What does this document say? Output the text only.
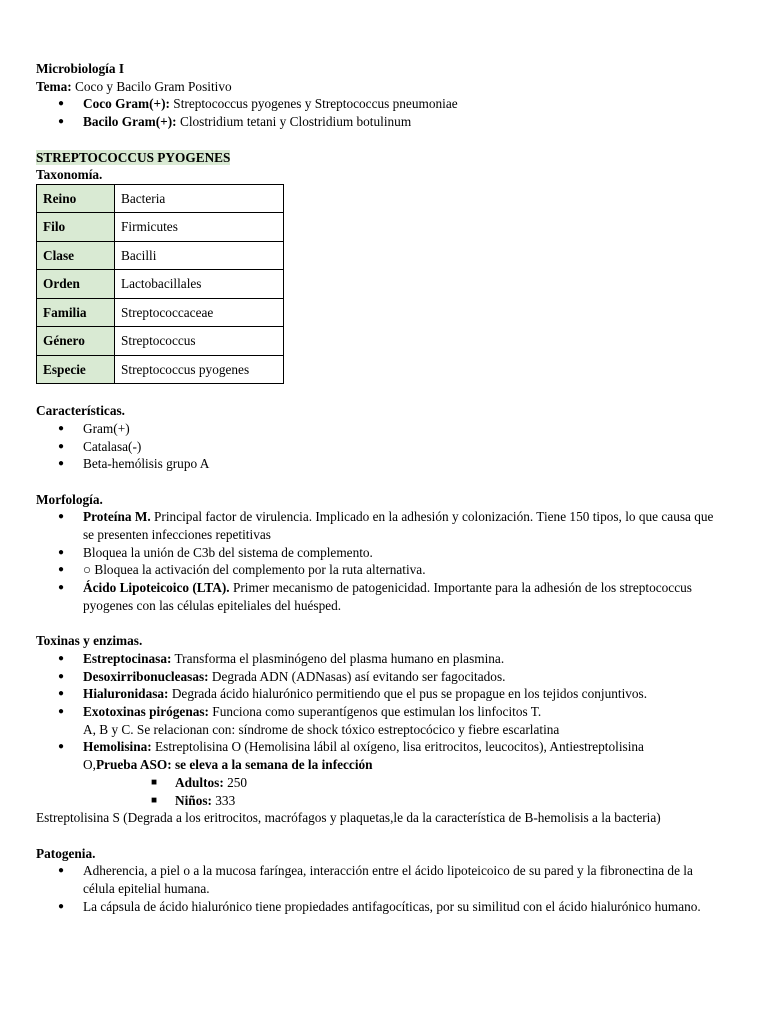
Microbiología I
Tema: Coco y Bacilo Gram Positivo
● Coco Gram(+): Streptococcus pyogenes y Streptococcus pneumoniae
● Bacilo Gram(+): Clostridium tetani y Clostridium botulinum
STREPTOCOCCUS PYOGENES
Taxonomía.
Reino	Bacteria
Filo	Firmicutes
Clase	Bacilli
Orden	Lactobacillales
Familia	Streptococcaceae
Género	Streptococcus
Especie	Streptococcus pyogenes
Características.
● Gram(+)
● Catalasa(-)
● Beta-hemólisis grupo A
Morfología.
● Proteína M. Principal factor de virulencia. Implicado en la adhesión y colonización. Tiene 150 tipos, lo que causa que se presenten infecciones repetitivas
● Bloquea la unión de C3b del sistema de complemento.
● ○ Bloquea la activación del complemento por la ruta alternativa.
● Ácido Lipoteicoico (LTA). Primer mecanismo de patogenicidad. Importante para la adhesión de los streptococcus pyogenes con las células epiteliales del huésped.
Toxinas y enzimas.
● Estreptocinasa: Transforma el plasminógeno del plasma humano en plasmina.
● Desoxirribonucleasas: Degrada ADN (ADNasas) así evitando ser fagocitados.
● Hialuronidasa: Degrada ácido hialurónico permitiendo que el pus se propague en los tejidos conjuntivos.
● Exotoxinas pirógenas: Funciona como superantígenos que estimulan los linfocitos T.
A, B y C. Se relacionan con: síndrome de shock tóxico estreptocócico y fiebre escarlatina
● Hemolisina: Estreptolisina O (Hemolisina lábil al oxígeno, lisa eritrocitos, leucocitos), Antiestreptolisina
O,Prueba ASO: se eleva a la semana de la infección
■ Adultos: 250
■ Niños: 333
Estreptolisina S (Degrada a los eritrocitos, macrófagos y plaquetas,le da la característica de B-hemolisis a la bacteria)
Patogenia.
● Adherencia, a piel o a la mucosa faríngea, interacción entre el ácido lipoteicoico de su pared y la fibronectina de la célula epitelial humana.
● La cápsula de ácido hialurónico tiene propiedades antifagocíticas, por su similitud con el ácido hialurónico humano.
